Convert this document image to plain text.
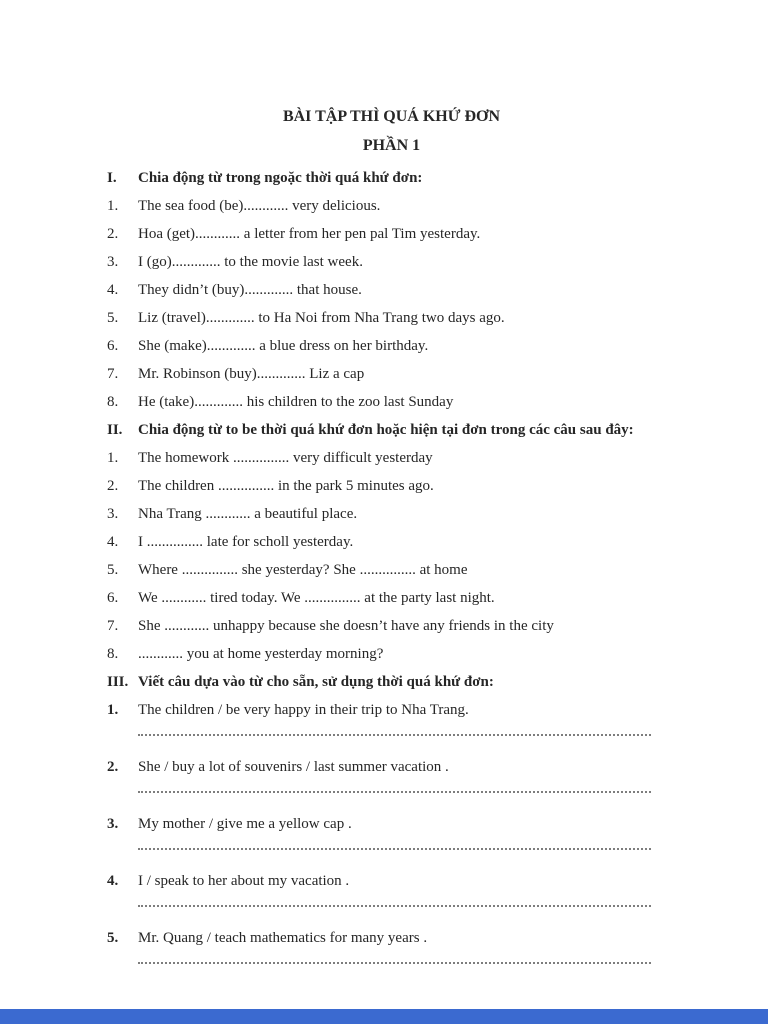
BÀI TẬP THÌ QUÁ KHỨ ĐƠN
PHẦN 1
I.	Chia động từ trong ngoặc thời quá khứ đơn:
1.	The sea food (be)............ very delicious.
2.	Hoa (get)............ a letter from her pen pal Tim yesterday.
3.	I (go)............. to the movie last week.
4.	They didn’t (buy)............. that house.
5.	Liz (travel)............. to Ha Noi from Nha Trang two days ago.
6.	She (make)............. a blue dress on her birthday.
7.	Mr. Robinson (buy)............. Liz a cap
8.	He (take)............. his children to the zoo last Sunday
II.	Chia động từ to be thời quá khứ đơn hoặc hiện tại đơn trong các câu sau đây:
1.	The homework ............... very difficult yesterday
2.	The children ............... in the park 5 minutes ago.
3.	Nha Trang ............ a beautiful place.
4.	I ............... late for scholl yesterday.
5.	Where ............... she yesterday? She ............... at home
6.	We ............ tired today. We ............... at the party last night.
7.	She ............ unhappy because she doesn’t have any friends in the city
8.	............ you at home yesterday morning?
III. Viết câu dựa vào từ cho sẵn, sử dụng thời quá khứ đơn:
1.	The children / be very happy in their trip to Nha Trang.
2.	She / buy a lot of souvenirs / last summer vacation .
3.	My mother / give me a yellow cap .
4.	I / speak to her about my vacation .
5.	Mr. Quang / teach mathematics for many years .
